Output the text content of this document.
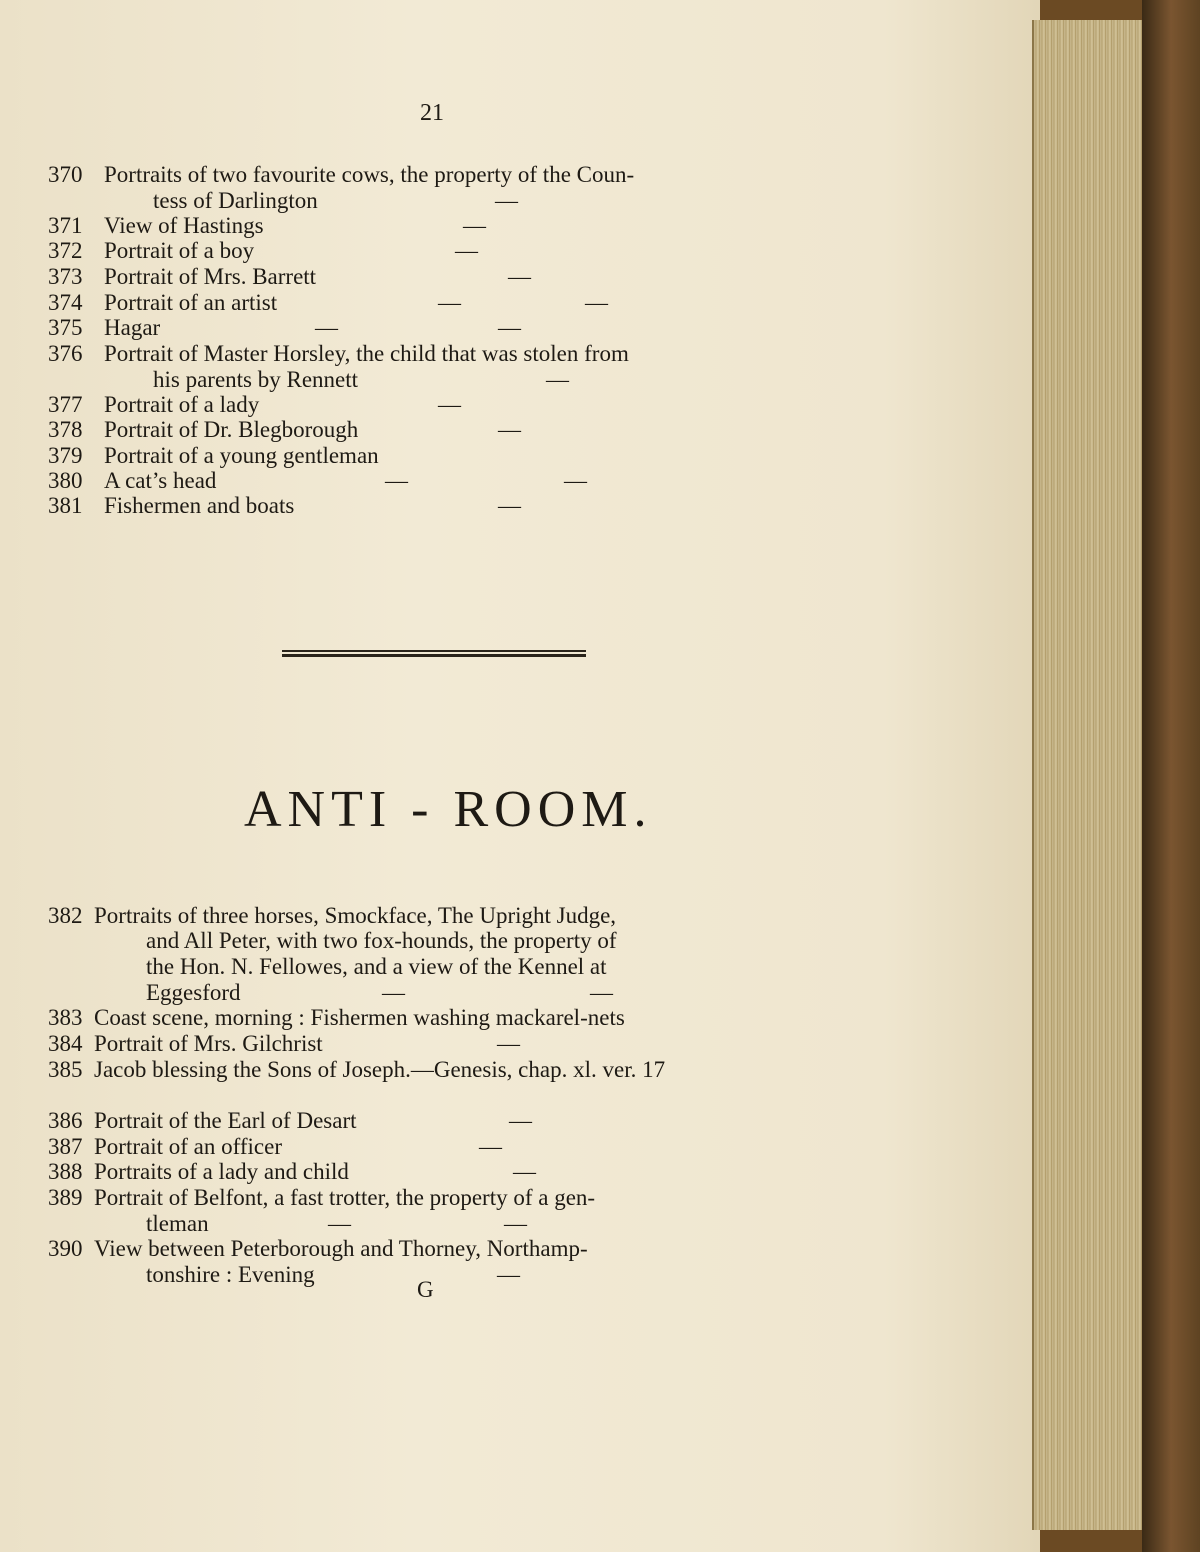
21
370 Portraits of two favourite cows, the property of the Coun-
tess of Darlington	—
371 View of Hastings	—
372 Portrait of a boy	—
373 Portrait of Mrs. Barrett	—
374 Portrait of an artist	—	—
375 Hagar	—	—
376 Portrait of Master Horsley, the child that was stolen from
his parents by Rennett	—
377 Portrait of a lady	—
378 Portrait of Dr. Blegborough	—
379 Portrait of a young gentleman
380 A cat’s head	—	—
381 Fishermen and boats	—
ANTI - ROOM.
382 Portraits of three horses, Smockface, The Upright Judge,
and All Peter, with two fox-hounds, the property of
the Hon. N. Fellowes, and a view of the Kennel at
Eggesford	—	—
383 Coast scene, morning : Fishermen washing mackarel-nets
384 Portrait of Mrs. Gilchrist	—
385 Jacob blessing the Sons of Joseph.—Genesis, chap. xl. ver. 17
386 Portrait of the Earl of Desart	—
387 Portrait of an officer	—
388 Portraits of a lady and child	—
389 Portrait of Belfont, a fast trotter, the property of a gen-
tleman	—	—
390 View between Peterborough and Thorney, Northamp-
tonshire : Evening	—
G
